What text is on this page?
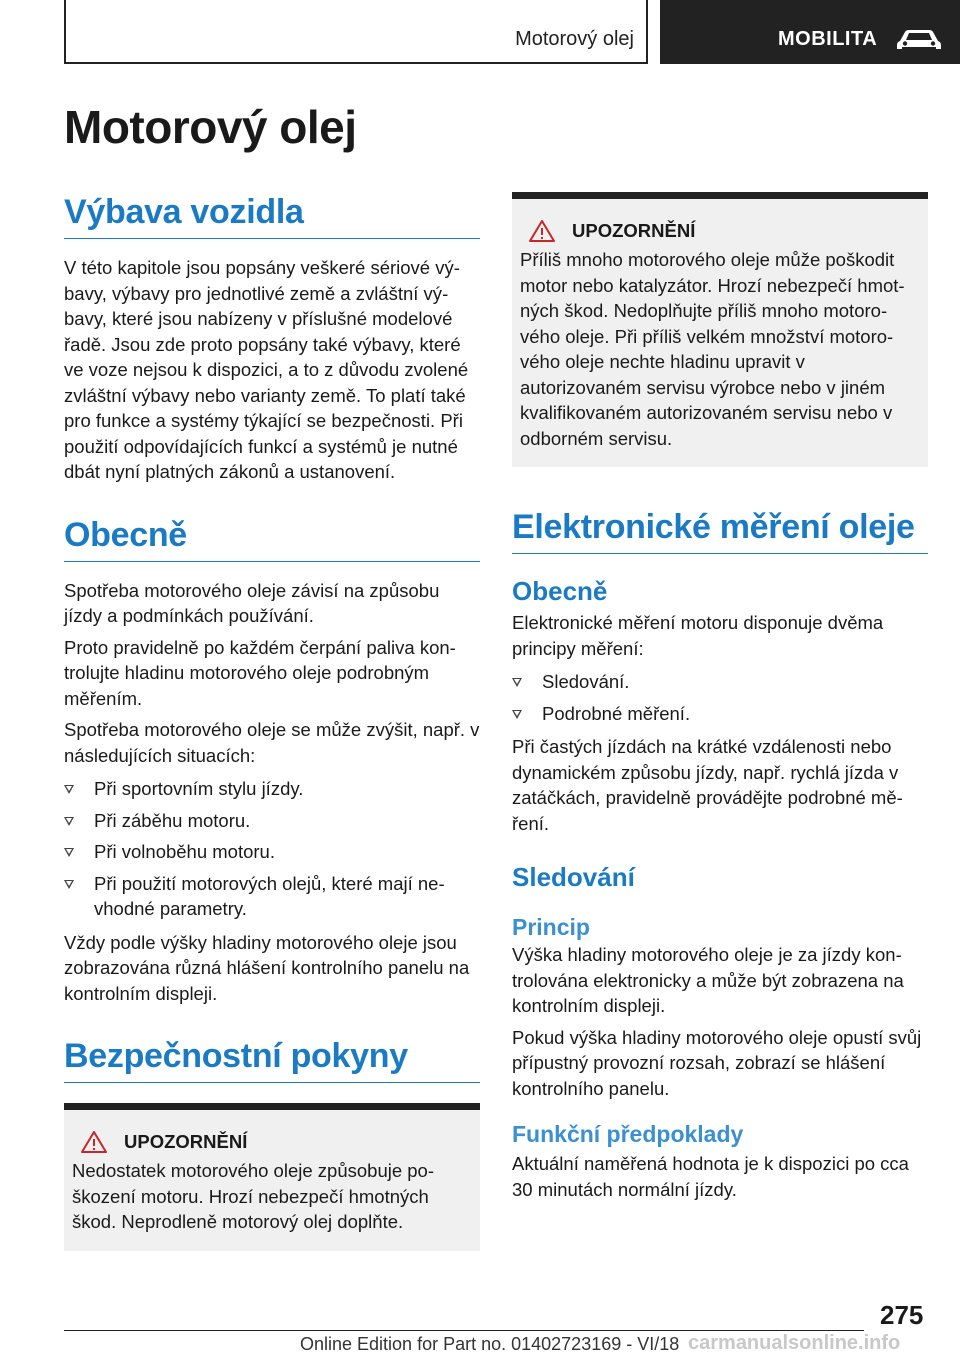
Motorový olej	MOBILITA
Motorový olej
Výbava vozidla

V této kapitole jsou popsány veškeré sériové výbavy, výbavy pro jednotlivé země a zvláštní výbavy, které jsou nabízeny v příslušné modelové řadě. Jsou zde proto popsány také výbavy, které ve voze nejsou k dispozici, a to z důvodu zvolené zvláštní výbavy nebo varianty země. To platí také pro funkce a systémy týkající se bezpečnosti. Při použití odpovídajících funkcí a systémů je nutné dbát nyní platných zákonů a ustanovení.

Obecně

Spotřeba motorového oleje závisí na způsobu jízdy a podmínkách používání.

Proto pravidelně po každém čerpání paliva kontrolujte hladinu motorového oleje podrobným měřením.

Spotřeba motorového oleje se může zvýšit, např. v následujících situacích:

Při sportovním stylu jízdy.
Při záběhu motoru.
Při volnoběhu motoru.
Při použití motorových olejů, které mají nevhodné parametry.

Vždy podle výšky hladiny motorového oleje jsou zobrazována různá hlášení kontrolního panelu na kontrolním displeji.

Bezpečnostní pokyny
UPOZORNĚNÍ

Nedostatek motorového oleje způsobuje poškození motoru. Hrozí nebezpečí hmotných škod. Neprodleně motorový olej doplňte.

UPOZORNĚNÍ

Příliš mnoho motorového oleje může poškodit motor nebo katalyzátor. Hrozí nebezpečí hmotných škod. Nedoplňujte příliš mnoho motorového oleje. Při příliš velkém množství motorového oleje nechte hladinu upravit v autorizovaném servisu výrobce nebo v jiném kvalifikovaném autorizovaném servisu nebo v odborném servisu.

Elektronické měření oleje
Obecně

Elektronické měření motoru disponuje dvěma principy měření:

Sledování.
Podrobné měření.

Při častých jízdách na krátké vzdálenosti nebo dynamickém způsobu jízdy, např. rychlá jízda v zatáčkách, pravidelně provádějte podrobné měření.

Sledování
Princip

Výška hladiny motorového oleje je za jízdy kontrolována elektronicky a může být zobrazena na kontrolním displeji.

Pokud výška hladiny motorového oleje opustí svůj přípustný provozní rozsah, zobrazí se hlášení kontrolního panelu.

Funkční předpoklady

Aktuální naměřená hodnota je k dispozici po cca 30 minutách normální jízdy.

275
Online Edition for Part no. 01402723169 - VI/18 carmanualsonline.info
